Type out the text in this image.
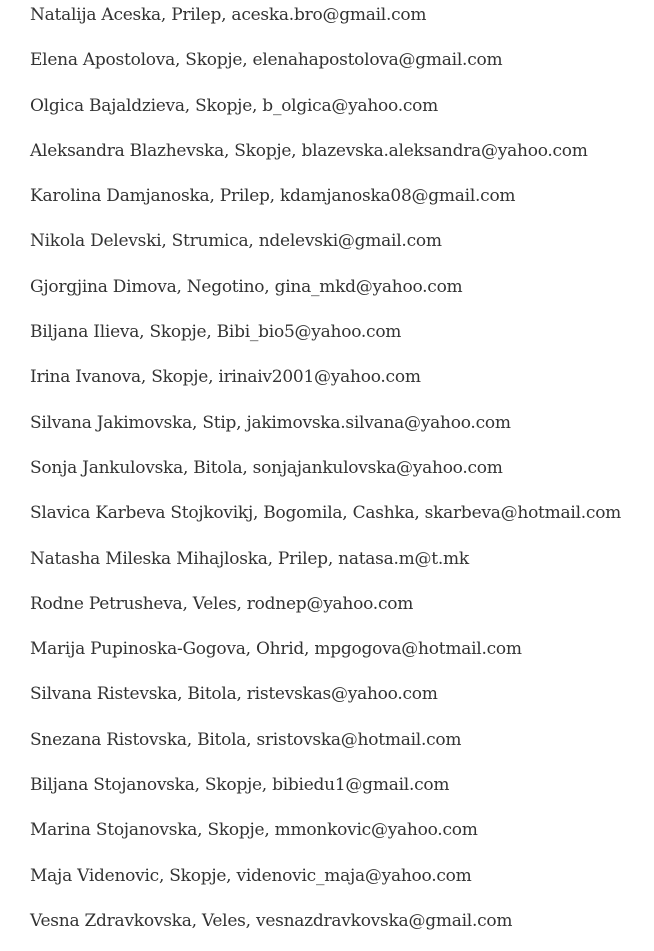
Natalija Aceska, Prilep, aceska.bro@gmail.com
Elena Apostolova, Skopje, elenahapostolova@gmail.com
Olgica Bajaldzieva, Skopje, b_olgica@yahoo.com
Aleksandra Blazhevska, Skopje, blazevska.aleksandra@yahoo.com
Karolina Damjanoska, Prilep, kdamjanoska08@gmail.com
Nikola Delevski, Strumica, ndelevski@gmail.com
Gjorgjina Dimova, Negotino, gina_mkd@yahoo.com
Biljana Ilieva, Skopje, Bibi_bio5@yahoo.com
Irina Ivanova, Skopje, irinaiv2001@yahoo.com
Silvana Jakimovska, Stip, jakimovska.silvana@yahoo.com
Sonja Jankulovska, Bitola, sonjajankulovska@yahoo.com
Slavica Karbeva Stojkovikj, Bogomila, Cashka, skarbeva@hotmail.com
Natasha Mileska Mihajloska, Prilep, natasa.m@t.mk
Rodne Petrusheva, Veles, rodnep@yahoo.com
Marija Pupinoska-Gogova, Ohrid, mpgogova@hotmail.com
Silvana Ristevska, Bitola, ristevskas@yahoo.com
Snezana Ristovska, Bitola, sristovska@hotmail.com
Biljana Stojanovska, Skopje, bibiedu1@gmail.com
Marina Stojanovska, Skopje, mmonkovic@yahoo.com
Maja Videnovic, Skopje, videnovic_maja@yahoo.com
Vesna Zdravkovska, Veles, vesnazdravkovska@gmail.com
